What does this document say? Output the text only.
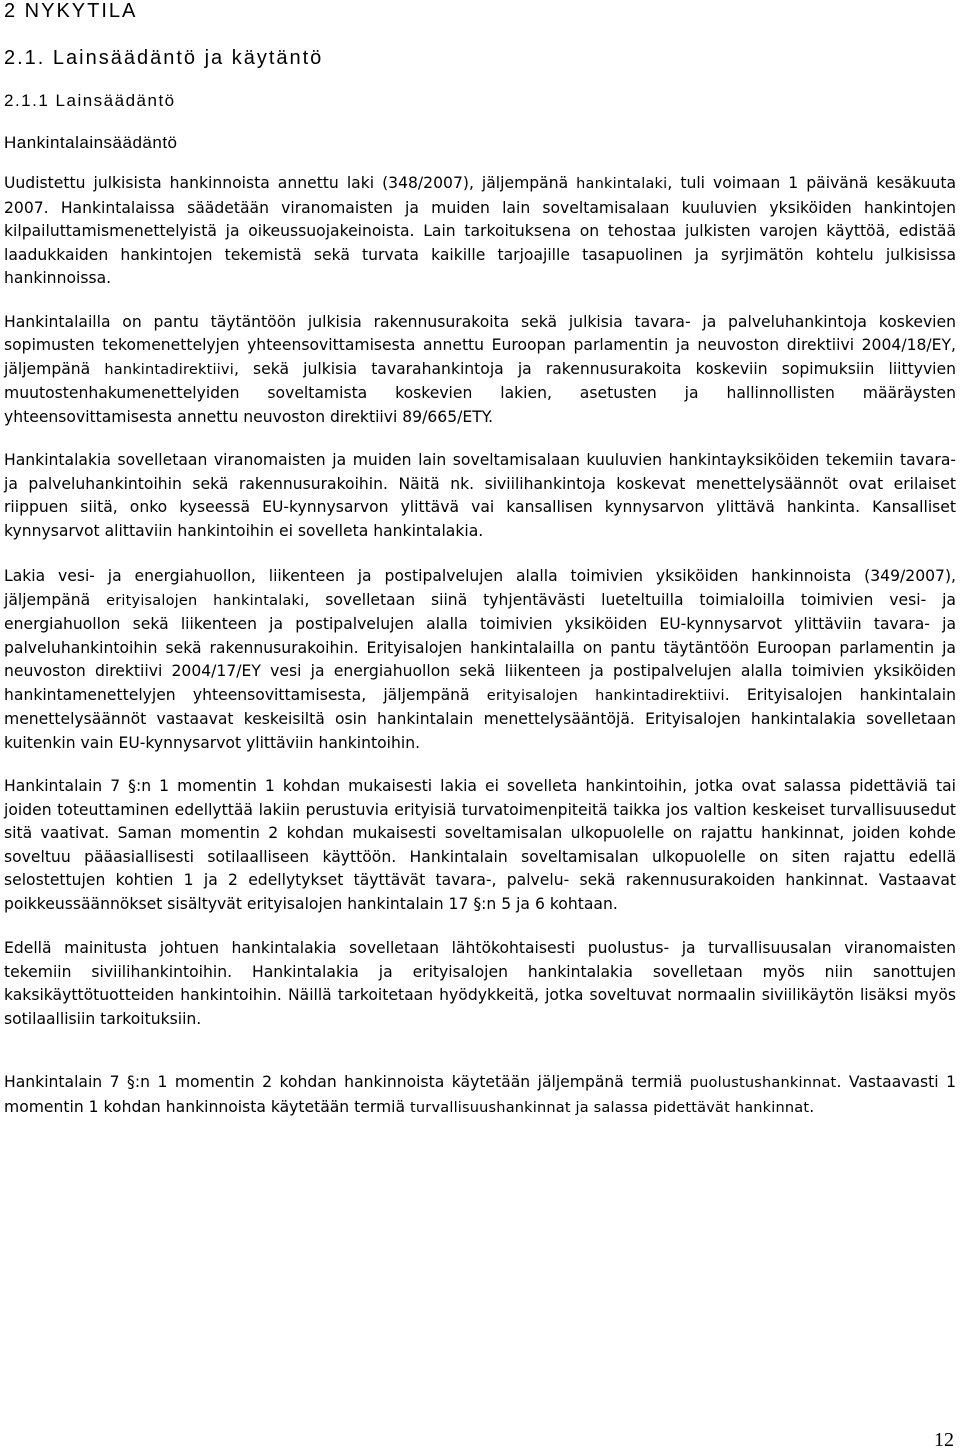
2 NYKYTILA
2.1. Lainsäädäntö ja käytäntö
2.1.1 Lainsäädäntö
Hankintalainsäädäntö

Uudistettu julkisista hankinnoista annettu laki (348/2007), jäljempänä hankintalaki, tuli voimaan 1 päivänä kesäkuuta 2007. Hankintalaissa säädetään viranomaisten ja muiden lain soveltamisalaan kuuluvien yksiköiden hankintojen kilpailuttamismenettelyistä ja oikeussuojakeinoista. Lain tarkoituksena on tehostaa julkisten varojen käyttöä, edistää laadukkaiden hankintojen tekemistä sekä turvata kaikille tarjoajille tasapuolinen ja syrjimätön kohtelu julkisissa hankinnoissa.

Hankintalailla on pantu täytäntöön julkisia rakennusurakoita sekä julkisia tavara- ja palveluhankintoja koskevien sopimusten tekomenettelyjen yhteensovittamisesta annettu Euroopan parlamentin ja neuvoston direktiivi 2004/18/EY, jäljempänä hankintadirektiivi, sekä julkisia tavarahankintoja ja rakennusurakoita koskeviin sopimuksiin liittyvien muutostenhakumenettelyiden soveltamista koskevien lakien, asetusten ja hallinnollisten määräysten yhteensovittamisesta annettu neuvoston direktiivi 89/665/ETY.

Hankintalakia sovelletaan viranomaisten ja muiden lain soveltamisalaan kuuluvien hankintayksiköiden tekemiin tavara- ja palveluhankintoihin sekä rakennusurakoihin. Näitä nk. siviilihankintoja koskevat menettelysäännöt ovat erilaiset riippuen siitä, onko kyseessä EU-kynnysarvon ylittävä vai kansallisen kynnysarvon ylittävä hankinta. Kansalliset kynnysarvot alittaviin hankintoihin ei sovelleta hankintalakia.

Lakia vesi- ja energiahuollon, liikenteen ja postipalvelujen alalla toimivien yksiköiden hankinnoista (349/2007), jäljempänä erityisalojen hankintalaki, sovelletaan siinä tyhjentävästi lueteltuilla toimialoilla toimivien vesi- ja energiahuollon sekä liikenteen ja postipalvelujen alalla toimivien yksiköiden EU-kynnysarvot ylittäviin tavara- ja palveluhankintoihin sekä rakennusurakoihin. Erityisalojen hankintalailla on pantu täytäntöön Euroopan parlamentin ja neuvoston direktiivi 2004/17/EY vesi ja energiahuollon sekä liikenteen ja postipalvelujen alalla toimivien yksiköiden hankintamenettelyjen yhteensovittamisesta, jäljempänä erityisalojen hankintadirektiivi. Erityisalojen hankintalain menettelysäännöt vastaavat keskeisiltä osin hankintalain menettelysääntöjä. Erityisalojen hankintalakia sovelletaan kuitenkin vain EU-kynnysarvot ylittäviin hankintoihin.

Hankintalain 7 §:n 1 momentin 1 kohdan mukaisesti lakia ei sovelleta hankintoihin, jotka ovat salassa pidettäviä tai joiden toteuttaminen edellyttää lakiin perustuvia erityisiä turvatoimenpiteitä taikka jos valtion keskeiset turvallisuusedut sitä vaativat. Saman momentin 2 kohdan mukaisesti soveltamisalan ulkopuolelle on rajattu hankinnat, joiden kohde soveltuu pääasiallisesti sotilaalliseen käyttöön. Hankintalain soveltamisalan ulkopuolelle on siten rajattu edellä selostettujen kohtien 1 ja 2 edellytykset täyttävät tavara-, palvelu- sekä rakennusurakoiden hankinnat. Vastaavat poikkeussäännökset sisältyvät erityisalojen hankintalain 17 §:n 5 ja 6 kohtaan.

Edellä mainitusta johtuen hankintalakia sovelletaan lähtökohtaisesti puolustus- ja turvallisuusalan viranomaisten tekemiin siviilihankintoihin. Hankintalakia ja erityisalojen hankintalakia sovelletaan myös niin sanottujen kaksikäyttötuotteiden hankintoihin. Näillä tarkoitetaan hyödykkeitä, jotka soveltuvat normaalin siviilikäytön lisäksi myös sotilaallisiin tarkoituksiin.

Hankintalain 7 §:n 1 momentin 2 kohdan hankinnoista käytetään jäljempänä termiä puolustushankinnat. Vastaavasti 1 momentin 1 kohdan hankinnoista käytetään termiä turvallisuushankinnat ja salassa pidettävät hankinnat.

12
